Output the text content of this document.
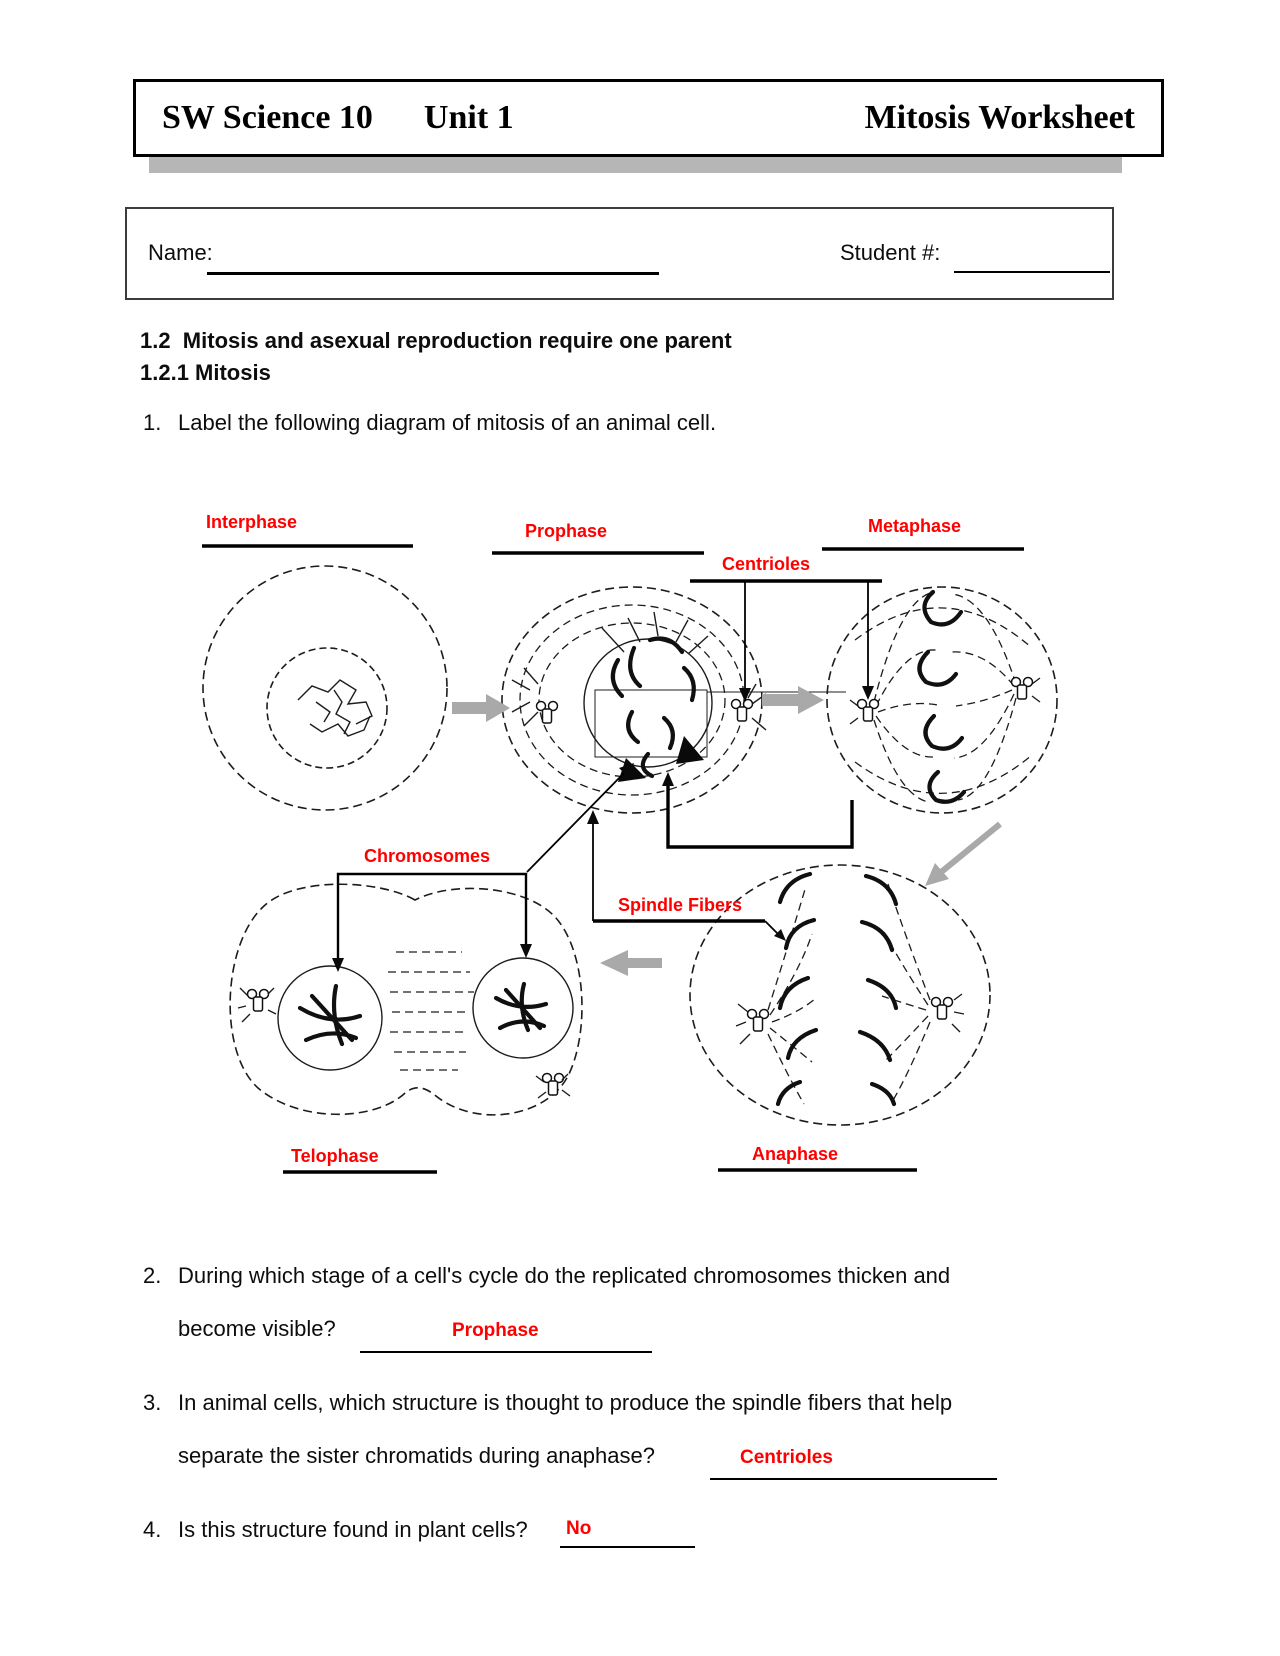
SW Science 10      Unit 1	Mitosis Worksheet
Name:	Student #:
1.2  Mitosis and asexual reproduction require one parent
1.2.1 Mitosis
1. Label the following diagram of mitosis of an animal cell.
Interphase	Prophase	Metaphase
Centrioles
Chromosomes
Spindle Fibers
Telophase	Anaphase
2. During which stage of a cell's cycle do the replicated chromosomes thicken and
become visible?	Prophase
3. In animal cells, which structure is thought to produce the spindle fibers that help
separate the sister chromatids during anaphase?	Centrioles
4. Is this structure found in plant cells? No
